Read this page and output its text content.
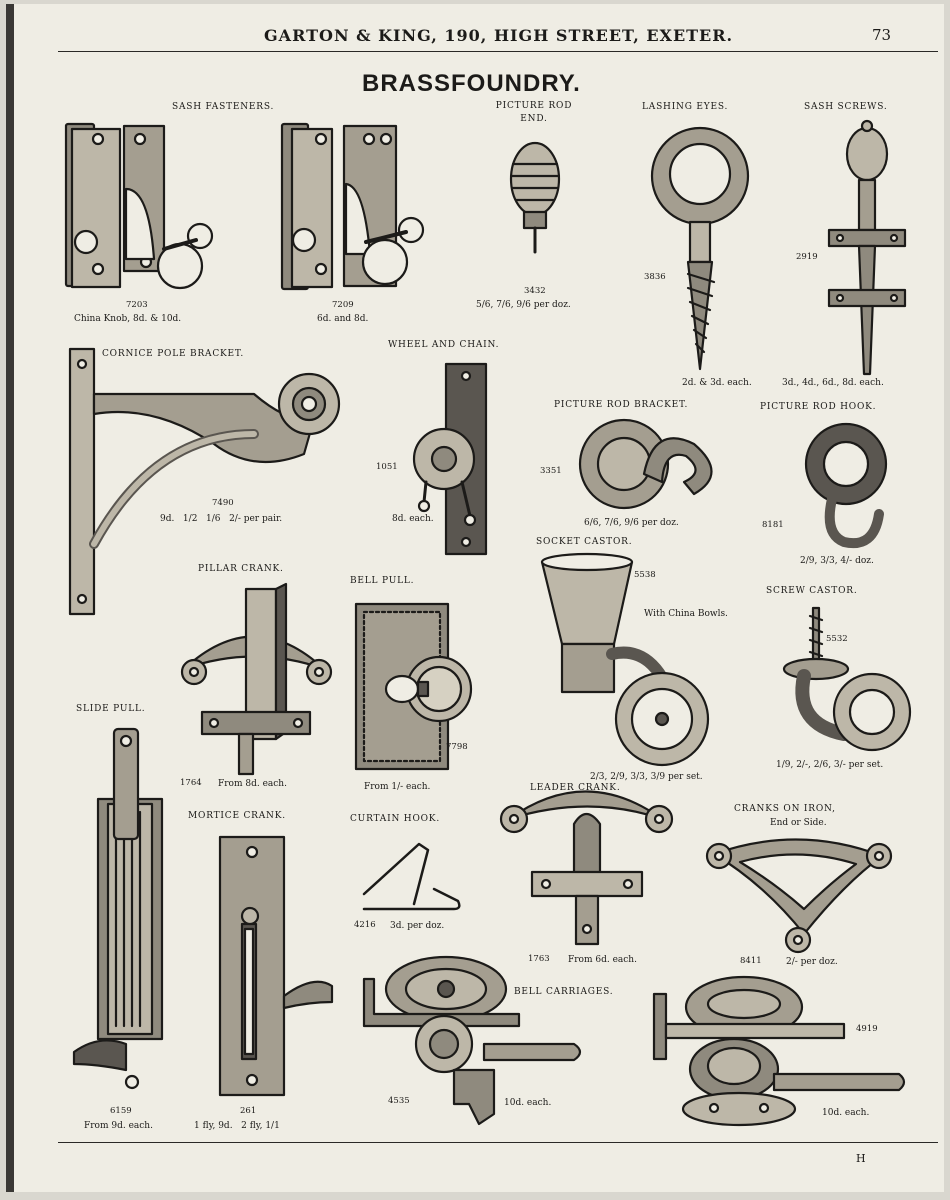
GARTON & KING, 190, HIGH STREET, EXETER.	73
BRASSFOUNDRY.
SASH FASTENERS.
7203
China Knob, 8d. & 10d.
7209
6d. and 8d.
PICTURE ROD END.
3432
5/6, 7/6, 9/6 per doz.
LASHING EYES.
3836
2d. & 3d. each.
SASH SCREWS.
2919
3d., 4d., 6d., 8d. each.
CORNICE POLE BRACKET.
7490
9d.   1/2   1/6   2/- per pair.
WHEEL AND CHAIN.
1051
8d. each.
PICTURE ROD BRACKET.
3351
6/6, 7/6, 9/6 per doz.
PICTURE ROD HOOK.
8181
2/9, 3/3, 4/- doz.
SOCKET CASTOR.
5538
With China Bowls.
2/3, 2/9, 3/3, 3/9 per set.
SCREW CASTOR.
5532
1/9, 2/-, 2/6, 3/- per set.
PILLAR CRANK.
1764 From 8d. each.
BELL PULL.
7798
From 1/- each.
SLIDE PULL.
6159
From 9d. each.
MORTICE CRANK.
261
1 fly, 9d.   2 fly, 1/1
CURTAIN HOOK.
4216 3d. per doz.
LEADER CRANK.
1763 From 6d. each.
CRANKS ON IRON,
End or Side.
8411	2/- per doz.
BELL CARRIAGES.
4535	10d. each.
4919
10d. each.
H
